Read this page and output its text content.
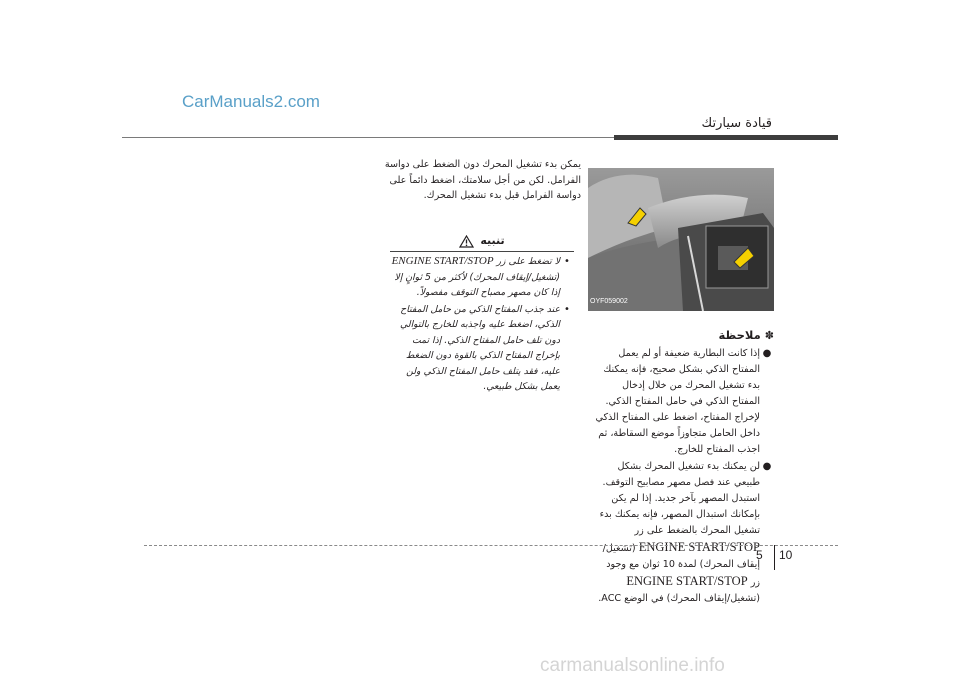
CarManuals2.com
قيادة سيارتك
OYF059002
✽ملاحظة
●
إذا كانت البطارية ضعيفة أو لم يعمل المفتاح الذكي بشكل صحيح، فإنه يمكنك بدء تشغيل المحرك من خلال إدخال المفتاح الذكي في حامل المفتاح الذكي. لإخراج المفتاح، اضغط على المفتاح الذكي داخل الحامل متجاوزاً موضع السقاطة، ثم اجذب المفتاح للخارج.
●
لن يمكنك بدء تشغيل المحرك بشكل طبيعي عند فصل مصهر مصابيح التوقف. استبدل المصهر بآخر جديد. إذا لم يكن بإمكانك استبدال المصهر، فإنه يمكنك بدء تشغيل المحرك بالضغط على زر ENGINE START/STOP (تشغيل/إيقاف المحرك) لمدة 10 ثوان مع وجود زر ENGINE START/STOP (تشغيل/إيقاف المحرك) في الوضع ACC.
يمكن بدء تشغيل المحرك دون الضغط على دواسة الفرامل. لكن من أجل سلامتك، اضغط دائماً على دواسة الفرامل قبل بدء تشغيل المحرك.
تنبيه
•
لا تضغط على زر ENGINE START/STOP (تشغيل/إيقاف المحرك) لأكثر من 5 ثوانٍ إلا إذا كان مصهر مصباح التوقف مفصولاً.
•
عند جذب المفتاح الذكي من حامل المفتاح الذكي، اضغط عليه واجذبه للخارج بالتوالي دون تلف حامل المفتاح الذكي. إذا تمت بإخراج المفتاح الذكي بالقوة دون الضغط عليه، فقد يتلف حامل المفتاح الذكي ولن يعمل بشكل طبيعي.
5 10
carmanualsonline.info
